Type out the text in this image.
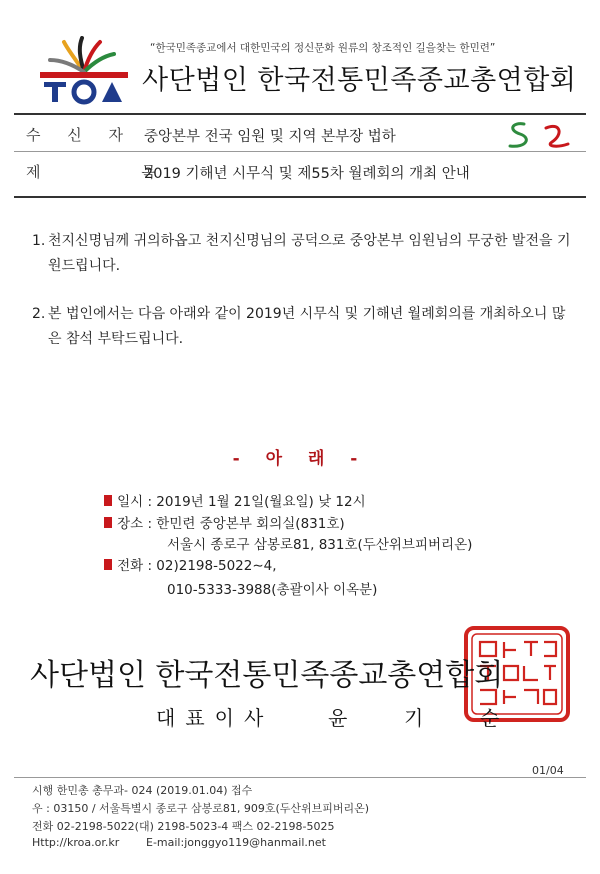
“한국민족종교에서 대한민국의 정신문화 원류의 창조적인 길을찾는 한민련”
사단법인 한국전통민족종교총연합회
수 신 자 중앙본부 전국 임원 및 지역 본부장 법하
제 목
2019 기해년 시무식 및 제55차 월례회의 개최 안내
1. 천지신명님께 귀의하옵고 천지신명님의 공덕으로 중앙본부 임원님의 무궁한 발전을 기원드립니다.
2. 본 법인에서는 다음 아래와 같이 2019년 시무식 및 기해년 월례회의를 개최하오니 많은 참석 부탁드립니다.
- 아 래 -
일시 : 2019년 1월 21일(월요일) 낮 12시
장소 : 한민련 중앙본부 회의실(831호)
서울시 종로구 삼봉로81, 831호(두산위브피버리온)
전화 : 02)2198-5022∼4,
010-5333-3988(총괄이사 이옥분)
사단법인 한국전통민족종교총연합회
대표이사	윤	기	순
01/04
시행 한민총 총무과- 024 (2019.01.04) 접수
우 : 03150 / 서울특별시 종로구 삼봉로81, 909호(두산위브피버리온)
전화 02-2198-5022(대) 2198-5023-4 팩스 02-2198-5025
Http://kroa.or.kr E-mail:jonggyo119@hanmail.net
